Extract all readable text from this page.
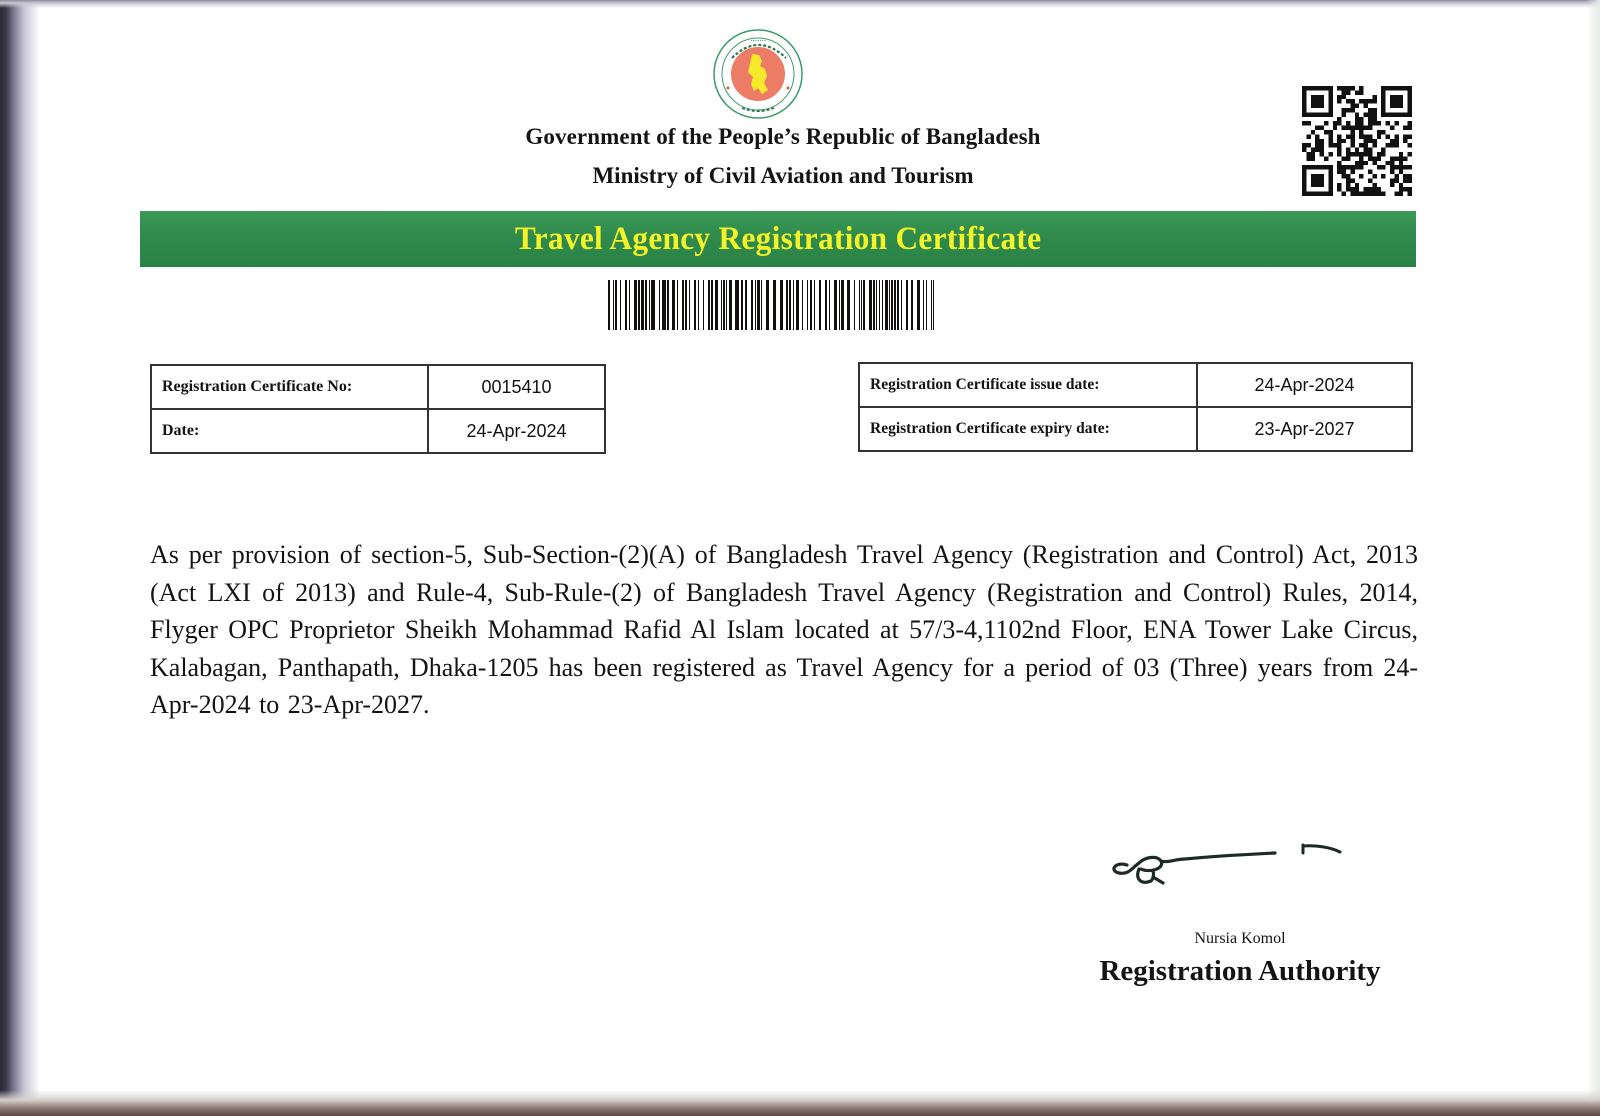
ᐧᐧᐧᐧᐧᐧᐧ
Government of the People’s Republic of Bangladesh
Ministry of Civil Aviation and Tourism
Travel Agency Registration Certificate
Registration Certificate No:	0015410
Date:	24-Apr-2024
Registration Certificate issue date:	24-Apr-2024
Registration Certificate expiry date:	23-Apr-2027

As per provision of section-5, Sub-Section-(2)(A) of Bangladesh Travel Agency (Registration and Control) Act, 2013 (Act LXI of 2013) and Rule-4, Sub-Rule-(2) of Bangladesh Travel Agency (Registration and Control) Rules, 2014, Flyger OPC Proprietor Sheikh Mohammad Rafid Al Islam located at 57/3-4,1102nd Floor, ENA Tower Lake Circus, Kalabagan, Panthapath, Dhaka-1205 has been registered as Travel Agency for a period of 03 (Three) years from 24-Apr-2024 to 23-Apr-2027.

Nursia Komol
Registration Authority
